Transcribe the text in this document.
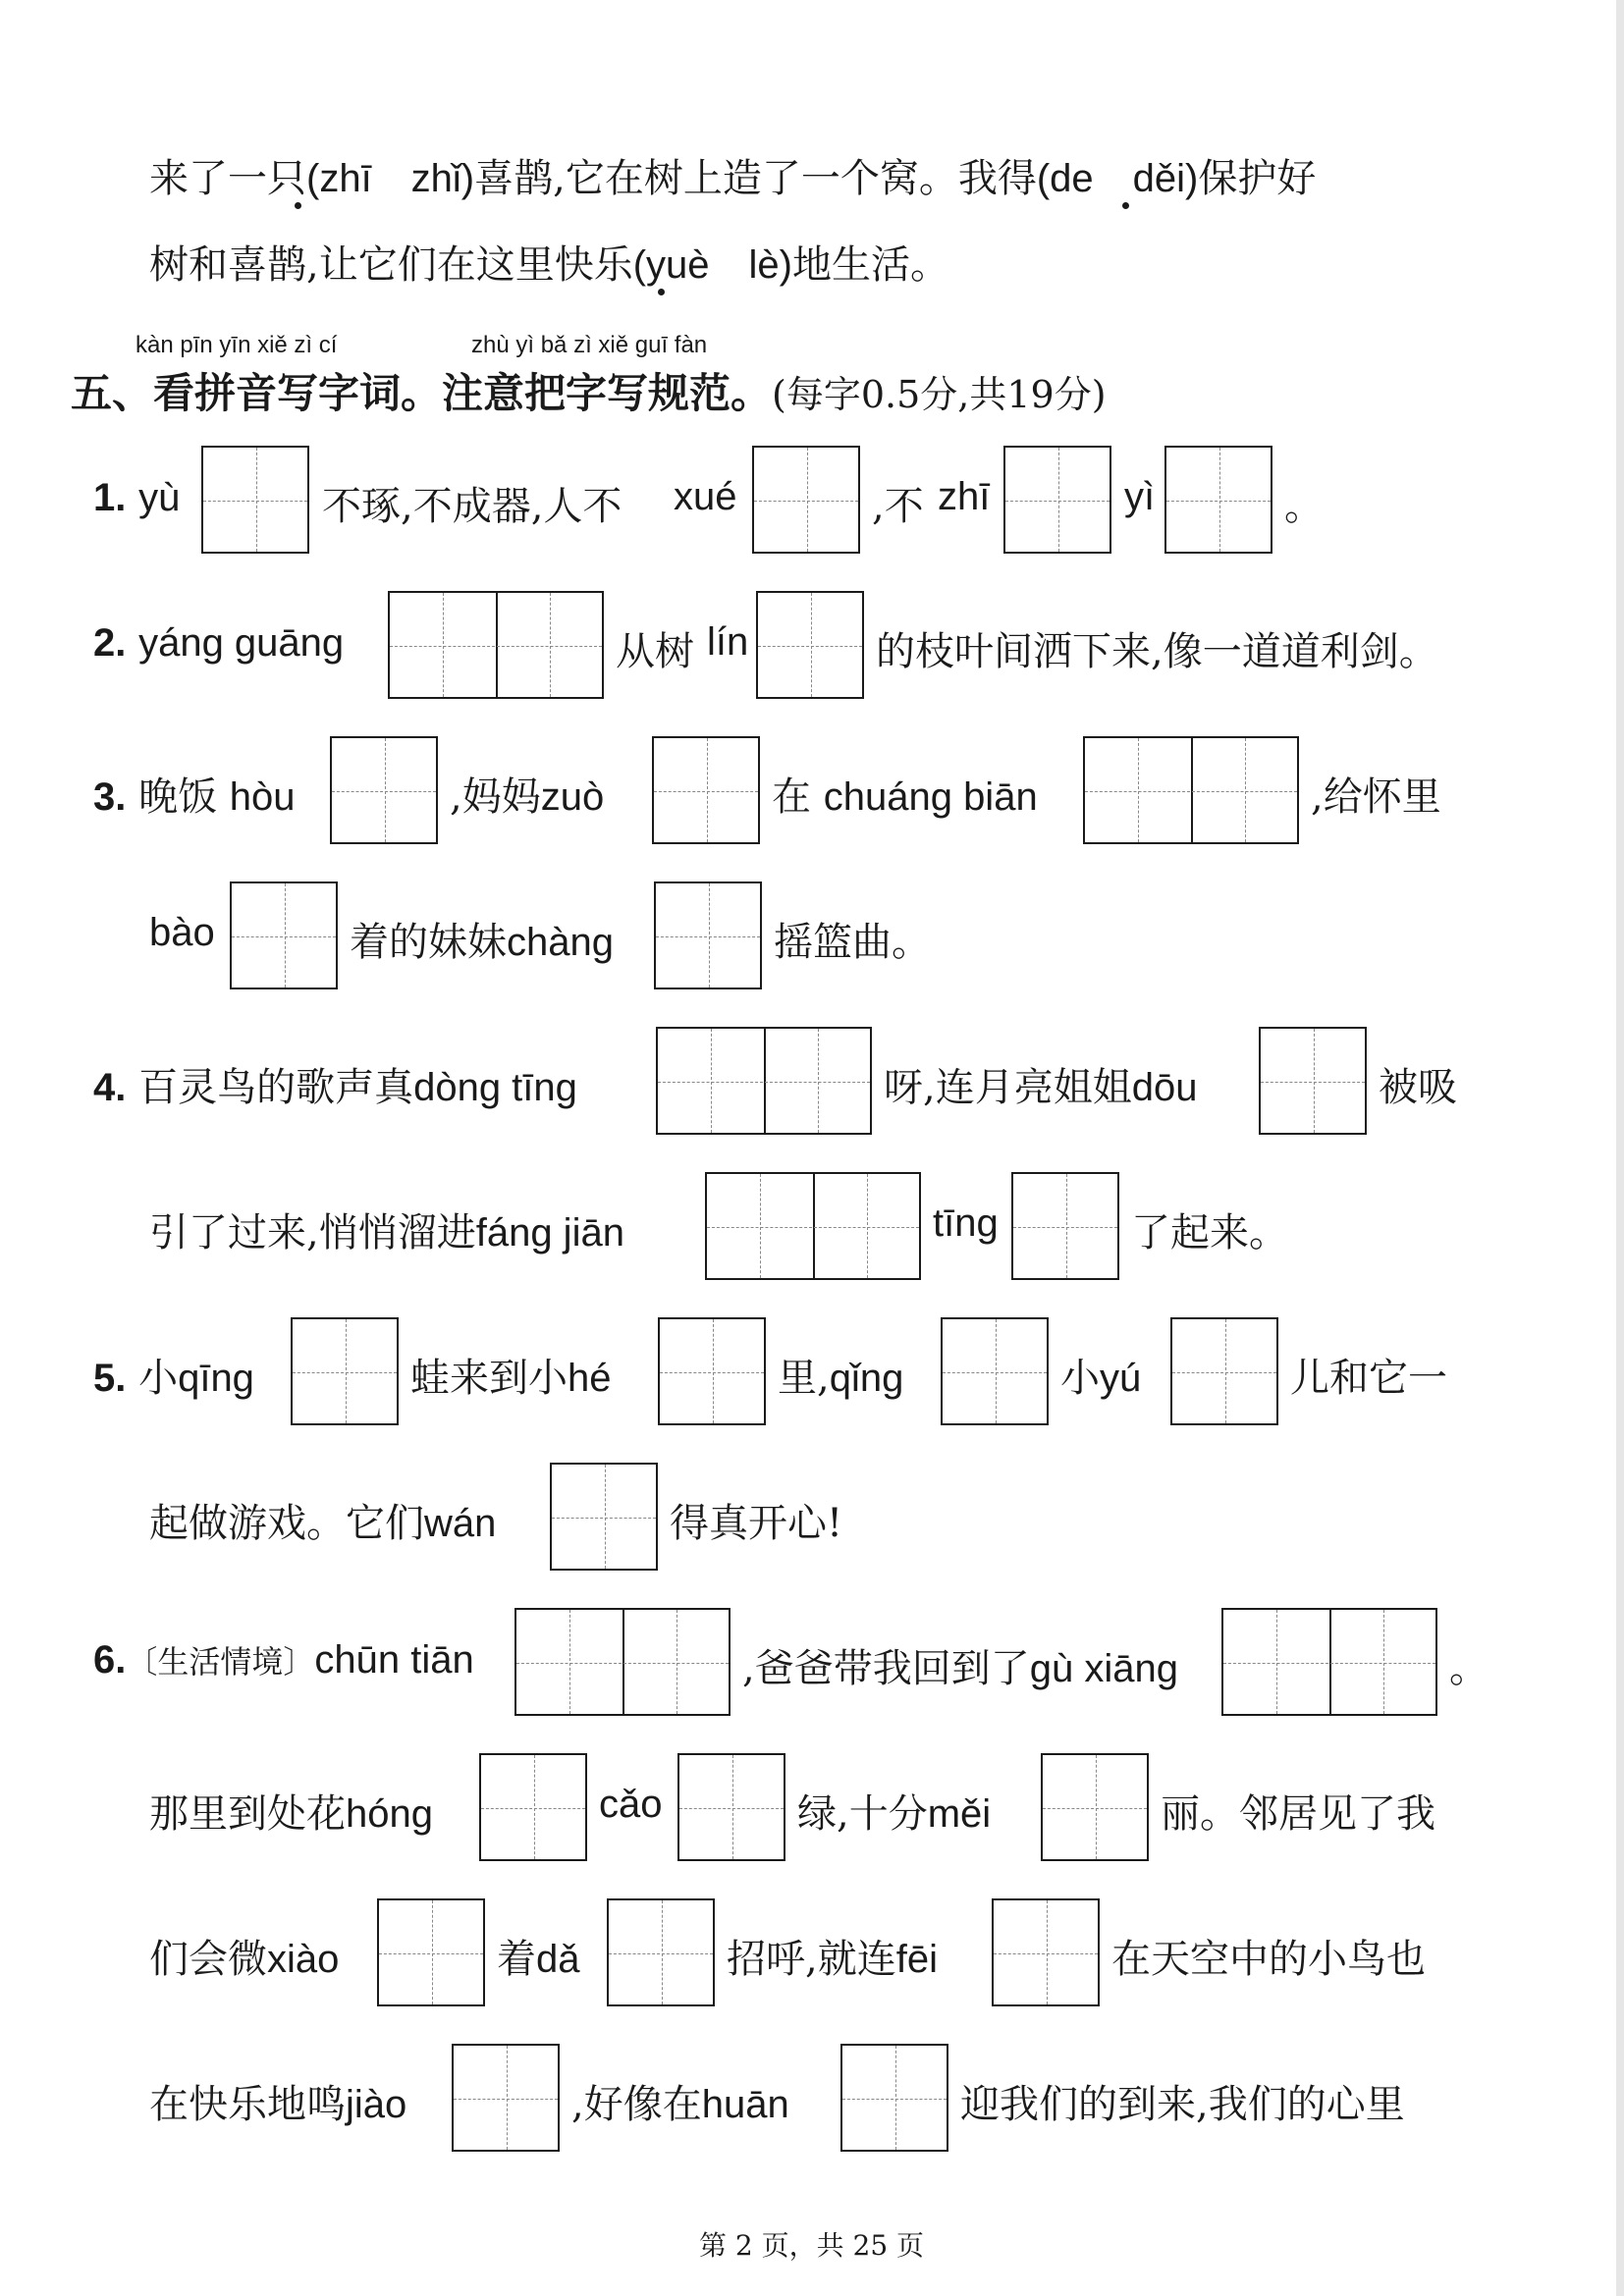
来了一只(zhī　zhǐ)喜鹊,它在树上造了一个窝。我得(de　děi)保护好
树和喜鹊,让它们在这里快乐(yuè　lè)地生活。
kàn pīn yīn xiě zì cí	zhù yì bǎ zì xiě guī fàn
五、看拼音写字词。注意把字写规范。(每字0.5分,共19分)
1. yù	不琢,不成器,人不 xué	,不 zhī	yì	。
2. yáng guāng	从树 lín	的枝叶间洒下来,像一道道利剑。
3. 晚饭 hòu	,妈妈zuò	在 chuáng biān	,给怀里
bào	着的妹妹chàng	摇篮曲。
4. 百灵鸟的歌声真dòng tīng	呀,连月亮姐姐dōu	被吸
引了过来,悄悄溜进fáng jiān	tīng	了起来。
5. 小qīng	蛙来到小hé	里,qǐng	小yú	儿和它一
起做游戏。它们wán	得真开心!
6.〔生活情境〕chūn tiān	,爸爸带我回到了gù xiāng	。
那里到处花hóng	cǎo	绿,十分měi	丽。邻居见了我
们会微xiào	着dǎ	招呼,就连fēi	在天空中的小鸟也
在快乐地鸣jiào	,好像在huān	迎我们的到来,我们的心里
第 2 页，共 25 页
